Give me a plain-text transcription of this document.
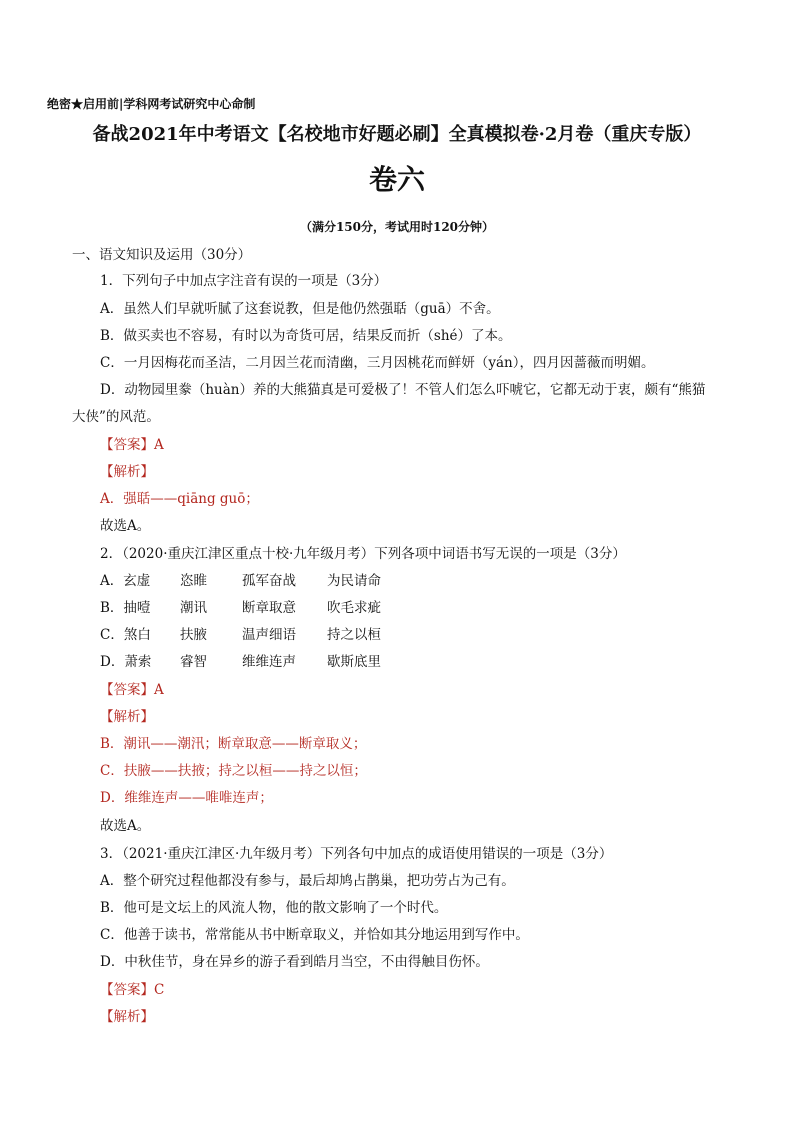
绝密★启用前|学科网考试研究中心命制
备战2021年中考语文【名校地市好题必刷】全真模拟卷·2月卷（重庆专版）
卷六
（满分150分，考试用时120分钟）
一、语文知识及运用（30分）
1．下列句子中加点字注音有误的一项是（3分）
A．虽然人们早就听腻了这套说教，但是他仍然强聒（guā）不舍。
B．做买卖也不容易，有时以为奇货可居，结果反而折（shé）了本。
C．一月因梅花而圣洁，二月因兰花而清幽，三月因桃花而鲜妍（yán），四月因蔷薇而明媚。
D．动物园里豢（huàn）养的大熊猫真是可爱极了！不管人们怎么吓唬它，它都无动于衷，颇有“熊猫
大侠”的风范。
【答案】A
【解析】
A．强聒——qiāng guō；
故选A。
2．（2020·重庆江津区重点十校·九年级月考）下列各项中词语书写无误的一项是（3分）
A．玄虚 恣睢	孤军奋战 为民请命
B．抽噎 潮讯	断章取意 吹毛求疵
C．煞白 扶腋	温声细语 持之以桓
D．萧索 睿智	维维连声 歇斯底里
【答案】A
【解析】
B．潮讯——潮汛；断章取意——断章取义；
C．扶腋——扶掖；持之以桓——持之以恒；
D．维维连声——唯唯连声；
故选A。
3．（2021·重庆江津区·九年级月考）下列各句中加点的成语使用错误的一项是（3分）
A．整个研究过程他都没有参与，最后却鸠占鹊巢，把功劳占为己有。
B．他可是文坛上的风流人物，他的散文影响了一个时代。
C．他善于读书，常常能从书中断章取义，并恰如其分地运用到写作中。
D．中秋佳节，身在异乡的游子看到皓月当空，不由得触目伤怀。
【答案】C
【解析】
